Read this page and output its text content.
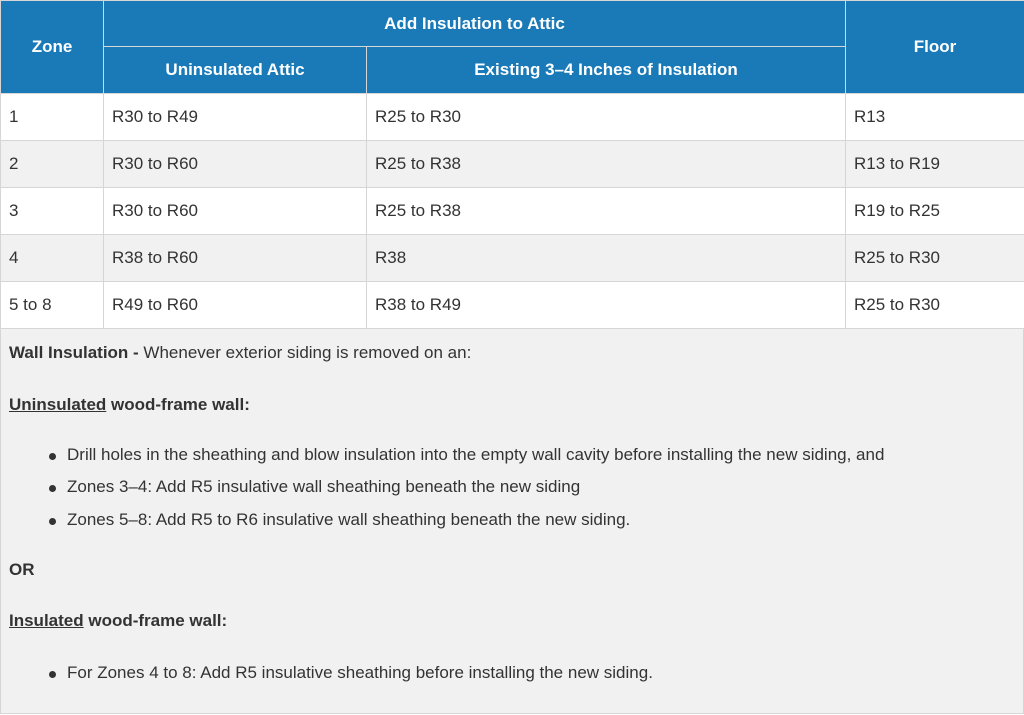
Zone	Add Insulation to Attic		Floor
	Uninsulated Attic	Existing 3–4 Inches of Insulation	
1	R30 to R49	R25 to R30	R13
2	R30 to R60	R25 to R38	R13 to R19
3	R30 to R60	R25 to R38	R19 to R25
4	R38 to R60	R38	R25 to R30
5 to 8	R49 to R60	R38 to R49	R25 to R30
Wall Insulation - Whenever exterior siding is removed on an:
Uninsulated wood-frame wall:
Drill holes in the sheathing and blow insulation into the empty wall cavity before installing the new siding, and
Zones 3–4: Add R5 insulative wall sheathing beneath the new siding
Zones 5–8: Add R5 to R6 insulative wall sheathing beneath the new siding.
OR
Insulated wood-frame wall:
For Zones 4 to 8: Add R5 insulative sheathing before installing the new siding.
